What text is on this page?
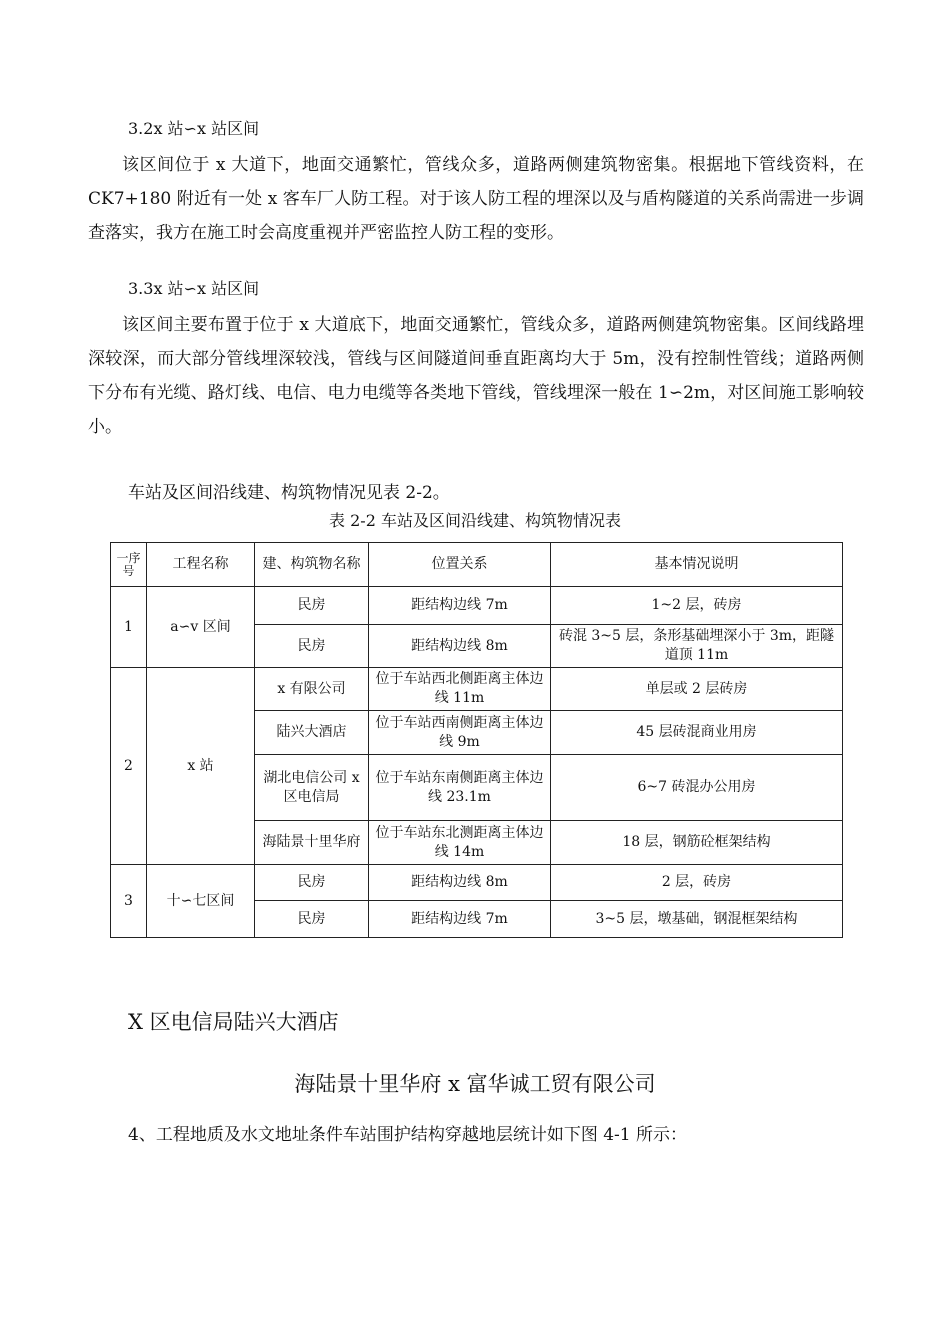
3.2x 站∽x 站区间
该区间位于 x 大道下，地面交通繁忙，管线众多，道路两侧建筑物密集。根据地下管线资料，在 CK7+180 附近有一处 x 客车厂人防工程。对于该人防工程的埋深以及与盾构隧道的关系尚需进一步调查落实，我方在施工时会高度重视并严密监控人防工程的变形。
3.3x 站∽x 站区间
该区间主要布置于位于 x 大道底下，地面交通繁忙，管线众多，道路两侧建筑物密集。区间线路埋深较深，而大部分管线埋深较浅，管线与区间隧道间垂直距离均大于 5m，没有控制性管线；道路两侧下分布有光缆、路灯线、电信、电力电缆等各类地下管线，管线埋深一般在 1∽2m，对区间施工影响较小。
车站及区间沿线建、构筑物情况见表 2-2。
表 2-2 车站及区间沿线建、构筑物情况表
一序号	工程名称	建、构筑物名称	位置关系	基本情况说明
1	a∽v 区间	民房	距结构边线 7m	1~2 层，砖房
		民房	距结构边线 8m	砖混 3~5 层，条形基础埋深小于 3m，距隧道顶 11m
2	x 站	x 有限公司	位于车站西北侧距离主体边线 11m	单层或 2 层砖房
		陆兴大酒店	位于车站西南侧距离主体边线 9m	45 层砖混商业用房
		湖北电信公司 x 区电信局	位于车站东南侧距离主体边线 23.1m	6~7 砖混办公用房
		海陆景十里华府	位于车站东北测距离主体边线 14m	18 层，钢筋砼框架结构
3	十∽七区间	民房	距结构边线 8m	2 层，砖房
		民房	距结构边线 7m	3~5 层，墩基础，钢混框架结构
X 区电信局陆兴大酒店
海陆景十里华府 x 富华诚工贸有限公司
4、工程地质及水文地址条件车站围护结构穿越地层统计如下图 4-1 所示：
